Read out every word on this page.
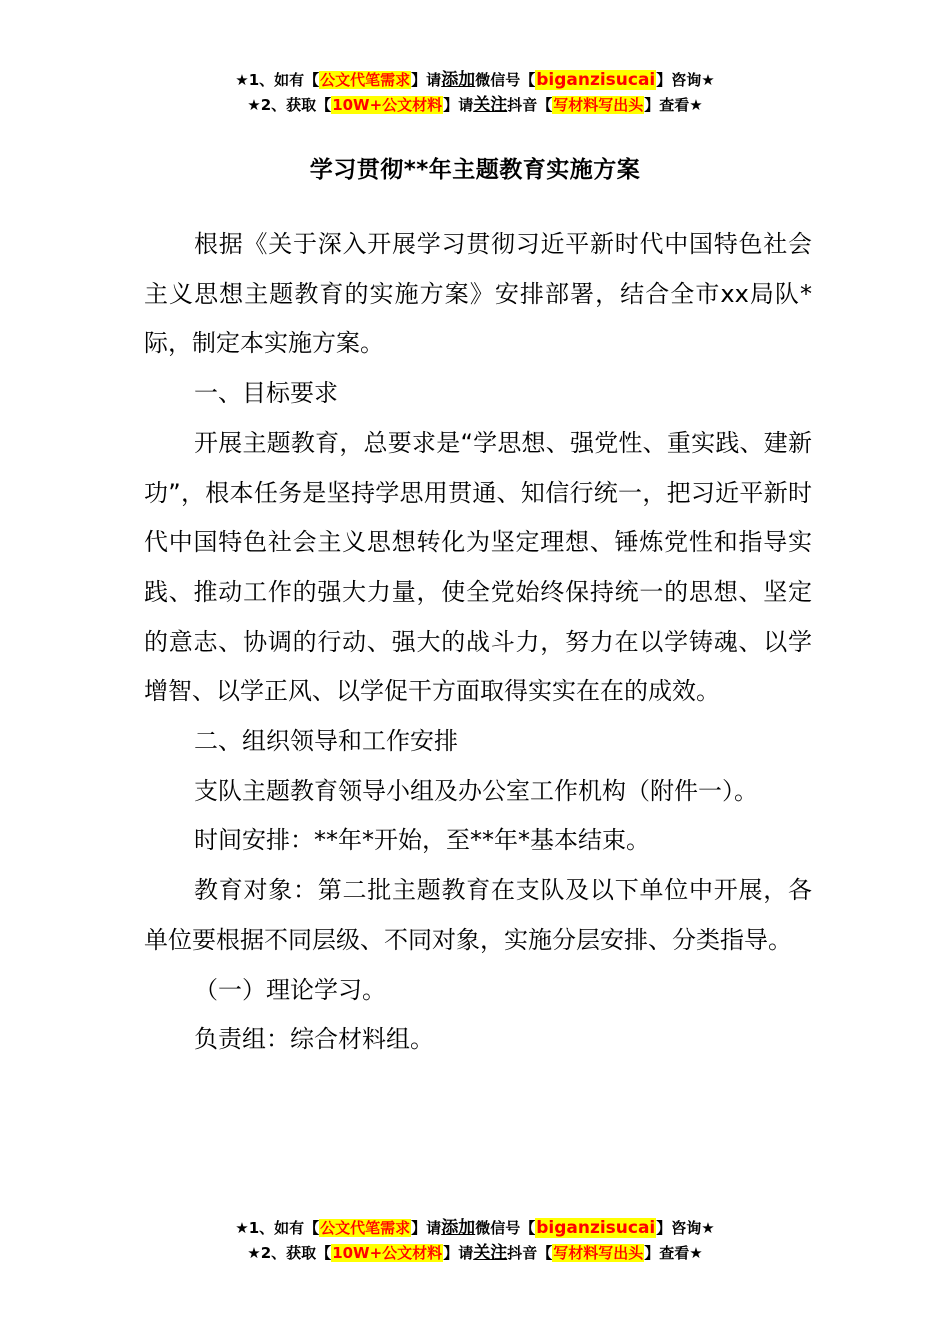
★1、如有【公文代笔需求】请添加微信号【biganzisucai】咨询★
★2、获取【10W+公文材料】请关注抖音【写材料写出头】查看★
学习贯彻**年主题教育实施方案

根据《关于深入开展学习贯彻习近平新时代中国特色社会主义思想主题教育的实施方案》安排部署，结合全市xx局队*际，制定本实施方案。

一、目标要求

开展主题教育，总要求是“学思想、强党性、重实践、建新功”，根本任务是坚持学思用贯通、知信行统一，把习近平新时代中国特色社会主义思想转化为坚定理想、锤炼党性和指导实践、推动工作的强大力量，使全党始终保持统一的思想、坚定的意志、协调的行动、强大的战斗力，努力在以学铸魂、以学增智、以学正风、以学促干方面取得实实在在的成效。

二、组织领导和工作安排

支队主题教育领导小组及办公室工作机构（附件一）。

时间安排：**年*开始，至**年*基本结束。

教育对象：第二批主题教育在支队及以下单位中开展，各单位要根据不同层级、不同对象，实施分层安排、分类指导。

（一）理论学习。

负责组：综合材料组。

★1、如有【公文代笔需求】请添加微信号【biganzisucai】咨询★
★2、获取【10W+公文材料】请关注抖音【写材料写出头】查看★
